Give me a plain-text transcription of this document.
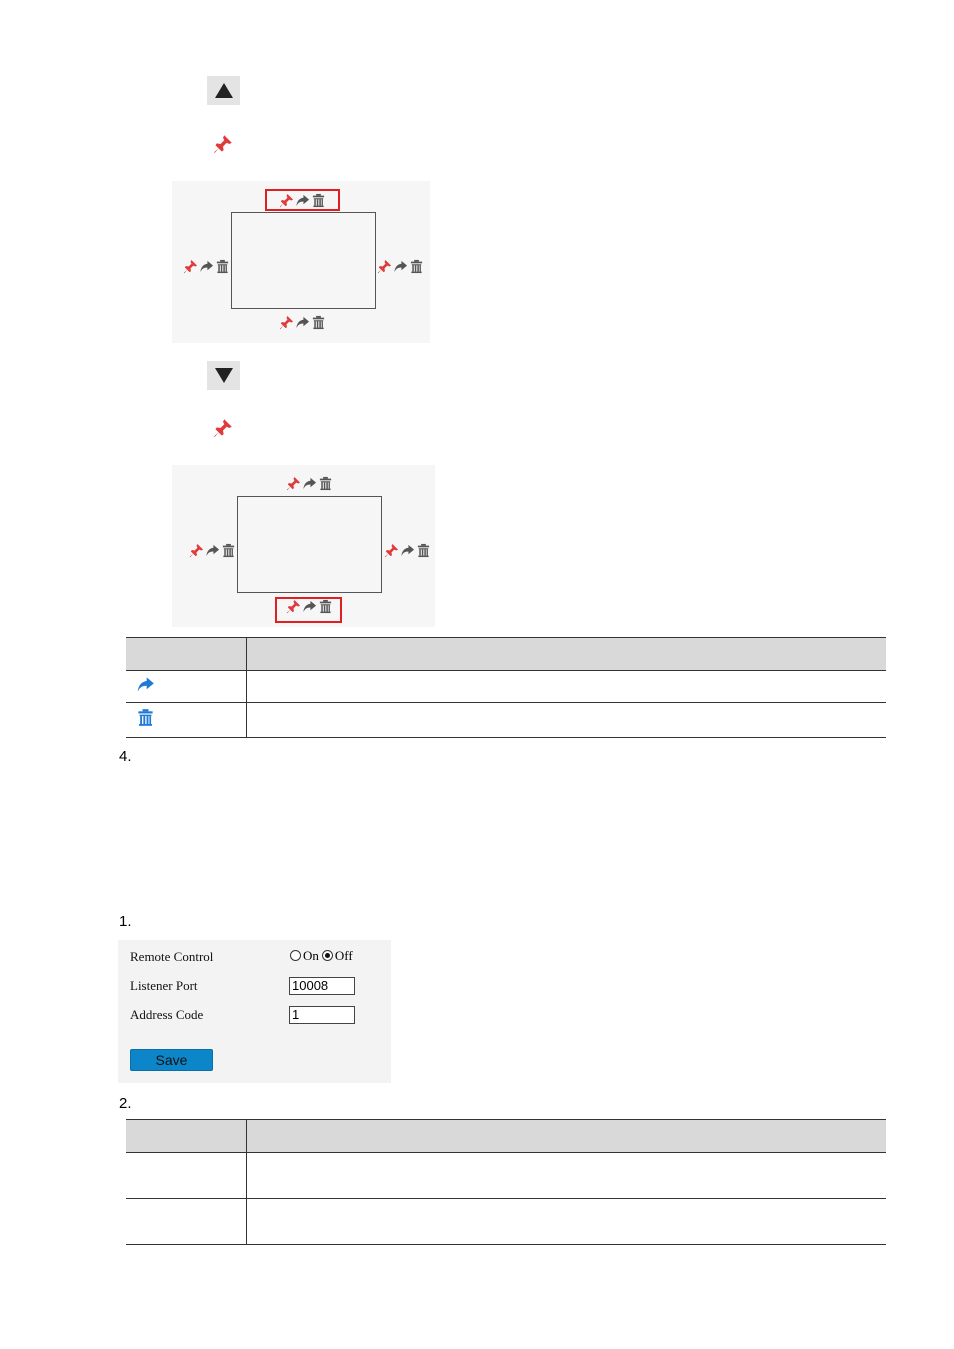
4.
1.
Remote Control	On Off
Listener Port	10008
Address Code	1
Save
2.
